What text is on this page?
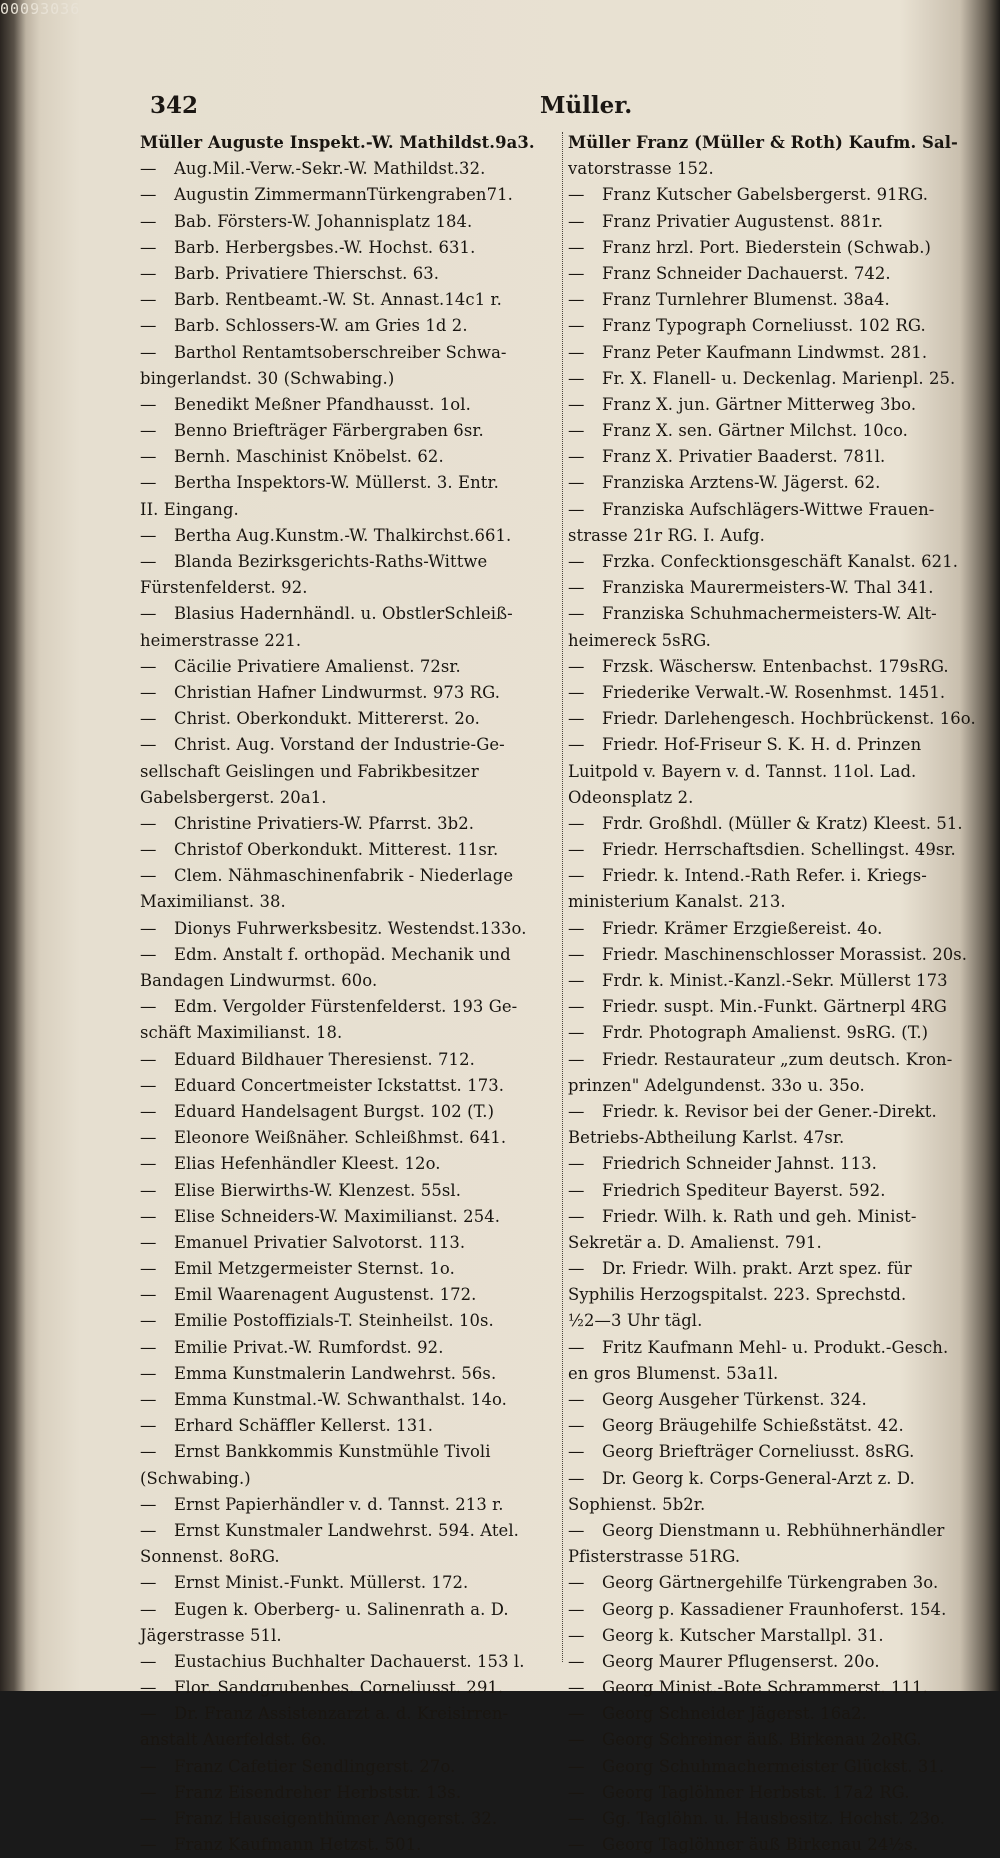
00093036
342	Müller.
Müller Auguste Inspekt.-W. Mathildst.9a3.
— Aug.Mil.-Verw.-Sekr.-W. Mathildst.32.
— Augustin ZimmermannTürkengraben71.
— Bab. Försters-W. Johannisplatz 184.
— Barb. Herbergsbes.-W. Hochst. 631.
— Barb. Privatiere Thierschst. 63.
— Barb. Rentbeamt.-W. St. Annast.14c1 r.
— Barb. Schlossers-W. am Gries 1d 2.
— Barthol Rentamtsoberschreiber Schwa-
bingerlandst. 30 (Schwabing.)
— Benedikt Meßner Pfandhausst. 1ol.
— Benno Briefträger Färbergraben 6sr.
— Bernh. Maschinist Knöbelst. 62.
— Bertha Inspektors-W. Müllerst. 3. Entr.
II. Eingang.
— Bertha Aug.Kunstm.-W. Thalkirchst.661.
— Blanda Bezirksgerichts-Raths-Wittwe
Fürstenfelderst. 92.
— Blasius Hadernhändl. u. ObstlerSchleiß-
heimerstrasse 221.
— Cäcilie Privatiere Amalienst. 72sr.
— Christian Hafner Lindwurmst. 973 RG.
— Christ. Oberkondukt. Mittererst. 2o.
— Christ. Aug. Vorstand der Industrie-Ge-
sellschaft Geislingen und Fabrikbesitzer
Gabelsbergerst. 20a1.
— Christine Privatiers-W. Pfarrst. 3b2.
— Christof Oberkondukt. Mitterest. 11sr.
— Clem. Nähmaschinenfabrik - Niederlage
Maximilianst. 38.
— Dionys Fuhrwerksbesitz. Westendst.133o.
— Edm. Anstalt f. orthopäd. Mechanik und
Bandagen Lindwurmst. 60o.
— Edm. Vergolder Fürstenfelderst. 193 Ge-
schäft Maximilianst. 18.
— Eduard Bildhauer Theresienst. 712.
— Eduard Concertmeister Ickstattst. 173.
— Eduard Handelsagent Burgst. 102 (T.)
— Eleonore Weißnäher. Schleißhmst. 641.
— Elias Hefenhändler Kleest. 12o.
— Elise Bierwirths-W. Klenzest. 55sl.
— Elise Schneiders-W. Maximilianst. 254.
— Emanuel Privatier Salvotorst. 113.
— Emil Metzgermeister Sternst. 1o.
— Emil Waarenagent Augustenst. 172.
— Emilie Postoffizials-T. Steinheilst. 10s.
— Emilie Privat.-W. Rumfordst. 92.
— Emma Kunstmalerin Landwehrst. 56s.
— Emma Kunstmal.-W. Schwanthalst. 14o.
— Erhard Schäffler Kellerst. 131.
— Ernst Bankkommis Kunstmühle Tivoli
(Schwabing.)
— Ernst Papierhändler v. d. Tannst. 213 r.
— Ernst Kunstmaler Landwehrst. 594. Atel.
Sonnenst. 8oRG.
— Ernst Minist.-Funkt. Müllerst. 172.
— Eugen k. Oberberg- u. Salinenrath a. D.
Jägerstrasse 51l.
— Eustachius Buchhalter Dachauerst. 153 l.
— Flor. Sandgrubenbes. Corneliusst. 291.
— Dr. Franz Assistenzarzt a. d. Kreisirren-
anstalt Auerfeldst. 6o.
— Franz Cafetier Sendlingerst. 27o.
— Franz Eisendreher Herbststr. 13s.
— Franz Hauseigenthümer Aengerst. 32.
— Franz Kaufmann Hetzst. 501.
Müller Franz (Müller & Roth) Kaufm. Sal-
vatorstrasse 152.
— Franz Kutscher Gabelsbergerst. 91RG.
— Franz Privatier Augustenst. 881r.
— Franz hrzl. Port. Biederstein (Schwab.)
— Franz Schneider Dachauerst. 742.
— Franz Turnlehrer Blumenst. 38a4.
— Franz Typograph Corneliusst. 102 RG.
— Franz Peter Kaufmann Lindwmst. 281.
— Fr. X. Flanell- u. Deckenlag. Marienpl. 25.
— Franz X. jun. Gärtner Mitterweg 3bo.
— Franz X. sen. Gärtner Milchst. 10co.
— Franz X. Privatier Baaderst. 781l.
— Franziska Arztens-W. Jägerst. 62.
— Franziska Aufschlägers-Wittwe Frauen-
strasse 21r RG. I. Aufg.
— Frzka. Confecktionsgeschäft Kanalst. 621.
— Franziska Maurermeisters-W. Thal 341.
— Franziska Schuhmachermeisters-W. Alt-
heimereck 5sRG.
— Frzsk. Wäschersw. Entenbachst. 179sRG.
— Friederike Verwalt.-W. Rosenhmst. 1451.
— Friedr. Darlehengesch. Hochbrückenst. 16o.
— Friedr. Hof-Friseur S. K. H. d. Prinzen
Luitpold v. Bayern v. d. Tannst. 11ol. Lad.
Odeonsplatz 2.
— Frdr. Großhdl. (Müller & Kratz) Kleest. 51.
— Friedr. Herrschaftsdien. Schellingst. 49sr.
— Friedr. k. Intend.-Rath Refer. i. Kriegs-
ministerium Kanalst. 213.
— Friedr. Krämer Erzgießereist. 4o.
— Friedr. Maschinenschlosser Morassist. 20s.
— Frdr. k. Minist.-Kanzl.-Sekr. Müllerst 173
— Friedr. suspt. Min.-Funkt. Gärtnerpl 4RG
— Frdr. Photograph Amalienst. 9sRG. (T.)
— Friedr. Restaurateur „zum deutsch. Kron-
prinzen" Adelgundenst. 33o u. 35o.
— Friedr. k. Revisor bei der Gener.-Direkt.
Betriebs-Abtheilung Karlst. 47sr.
— Friedrich Schneider Jahnst. 113.
— Friedrich Spediteur Bayerst. 592.
— Friedr. Wilh. k. Rath und geh. Minist-
Sekretär a. D. Amalienst. 791.
— Dr. Friedr. Wilh. prakt. Arzt spez. für
Syphilis Herzogspitalst. 223. Sprechstd.
½2—3 Uhr tägl.
— Fritz Kaufmann Mehl- u. Produkt.-Gesch.
en gros Blumenst. 53a1l.
— Georg Ausgeher Türkenst. 324.
— Georg Bräugehilfe Schießstätst. 42.
— Georg Briefträger Corneliusst. 8sRG.
— Dr. Georg k. Corps-General-Arzt z. D.
Sophienst. 5b2r.
— Georg Dienstmann u. Rebhühnerhändler
Pfisterstrasse 51RG.
— Georg Gärtnergehilfe Türkengraben 3o.
— Georg p. Kassadiener Fraunhoferst. 154.
— Georg k. Kutscher Marstallpl. 31.
— Georg Maurer Pflugenserst. 20o.
— Georg Minist.-Bote Schrammerst. 111.
— Georg Schneider Jägerst. 16a2.
— Georg Schreiner äuß. Birkenau 2oRG.
— Georg Schuhmachermeister Glückst. 31.
— Georg Taglöhner Herbstst. 17a2 RG.
— Gg. Taglöhn. u. Hausbesitz. Hochst. 23o.
— Georg Taglöhner äuß Birkenau 24½s.
